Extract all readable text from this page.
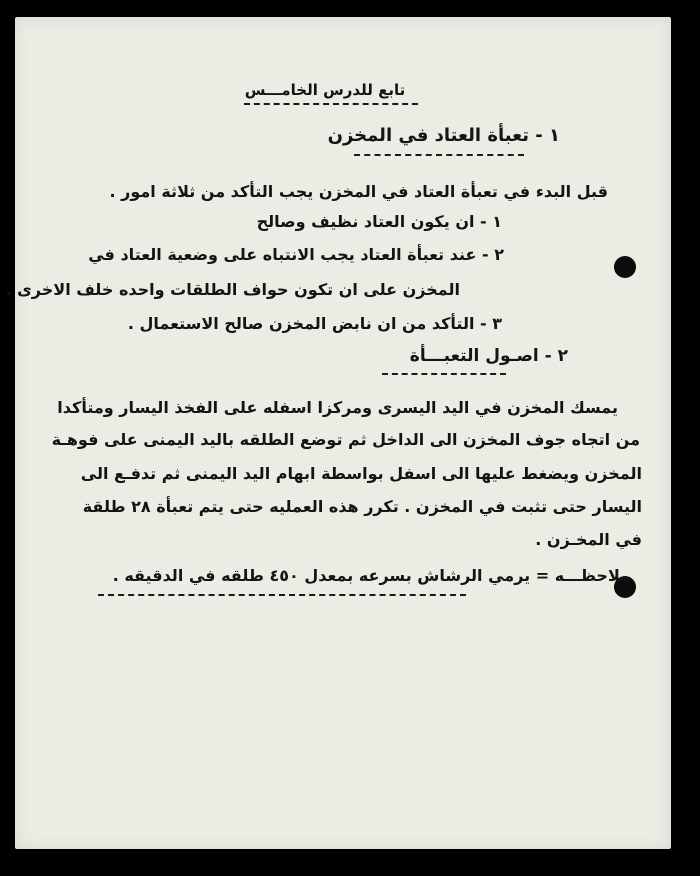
تابع للدرس الخامـــس
١ - تعبأة العتاد في المخزن
قبل البدء في تعبأة العتاد في المخزن يجب التأكد من ثلاثة امور .
١ - ان يكون العتاد نظيف وصالح
٢ - عند تعبأة العتاد يجب الانتباه على وضعية العتاد في
المخزن على ان تكون حواف الطلقات واحده خلف الاخرى .
٣ - التأكد من ان نابض المخزن صالح الاستعمال .
٢ - اصـول التعبـــأة
يمسك المخزن في اليد اليسرى ومركزا اسفله على الفخذ اليسار ومتأكدا
من اتجاه جوف المخزن الى الداخل ثم توضع الطلقه باليد اليمنى على فوهـة
المخزن ويضغط عليها الى اسفل بواسطة ابهام اليد اليمنى ثم تدفـع الى
اليسار حتى تثبت في المخزن . تكرر هذه العمليه حتى يتم تعبأة ٢٨ طلقة
في المخـزن .
ملاحظـــه = يرمي الرشاش بسرعه بمعدل ٤٥٠ طلقه في الدقيقه .
